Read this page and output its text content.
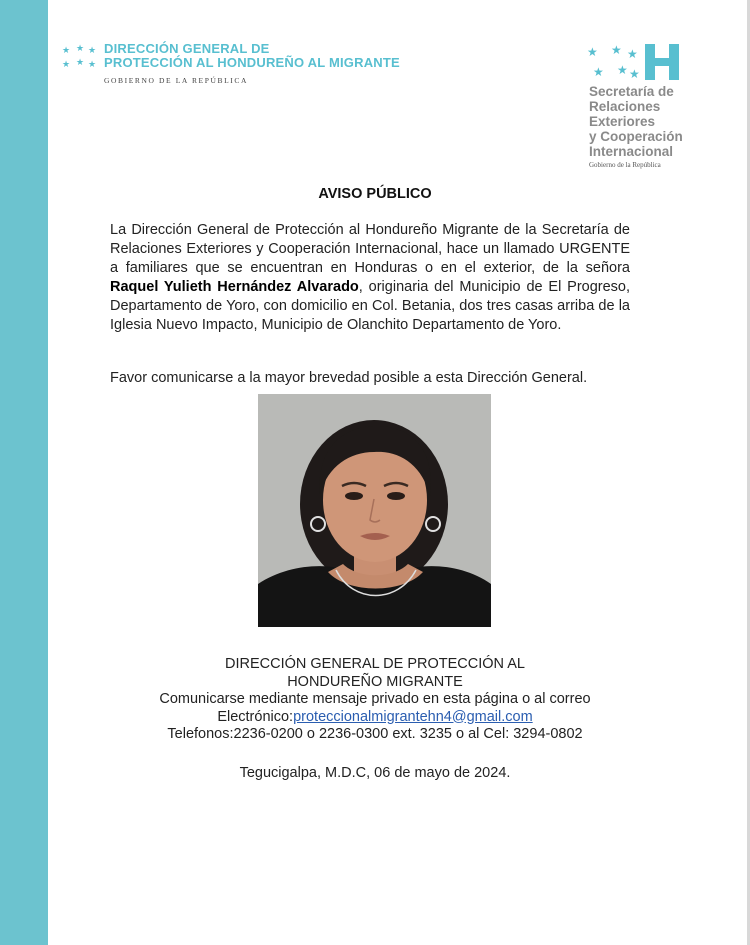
★ ★ ★
★ ★ ★
DIRECCIÓN GENERAL DE
PROTECCIÓN AL HONDUREÑO AL MIGRANTE
GOBIERNO DE LA REPÚBLICA
★ ★ ★
★ ★ ★
Secretaría de
Relaciones
Exteriores
y Cooperación
Internacional
Gobierno de la República
AVISO PÚBLICO
La Dirección General de Protección al Hondureño Migrante de la Secretaría de Relaciones Exteriores y Cooperación Internacional, hace un llamado URGENTE a familiares que se encuentran en Honduras o en el exterior, de la señora Raquel Yulieth Hernández Alvarado, originaria del Municipio de El Progreso, Departamento de Yoro, con domicilio en Col. Betania, dos tres casas arriba de la Iglesia Nuevo Impacto, Municipio de Olanchito Departamento de Yoro.
Favor comunicarse a la mayor brevedad posible a esta Dirección General.
DIRECCIÓN GENERAL DE PROTECCIÓN AL
HONDUREÑO MIGRANTE
Comunicarse mediante mensaje privado en esta página o al correo
Electrónico:proteccionalmigrantehn4@gmail.com
Telefonos:2236-0200 o 2236-0300 ext. 3235 o al Cel: 3294-0802
Tegucigalpa, M.D.C, 06 de mayo de 2024.
